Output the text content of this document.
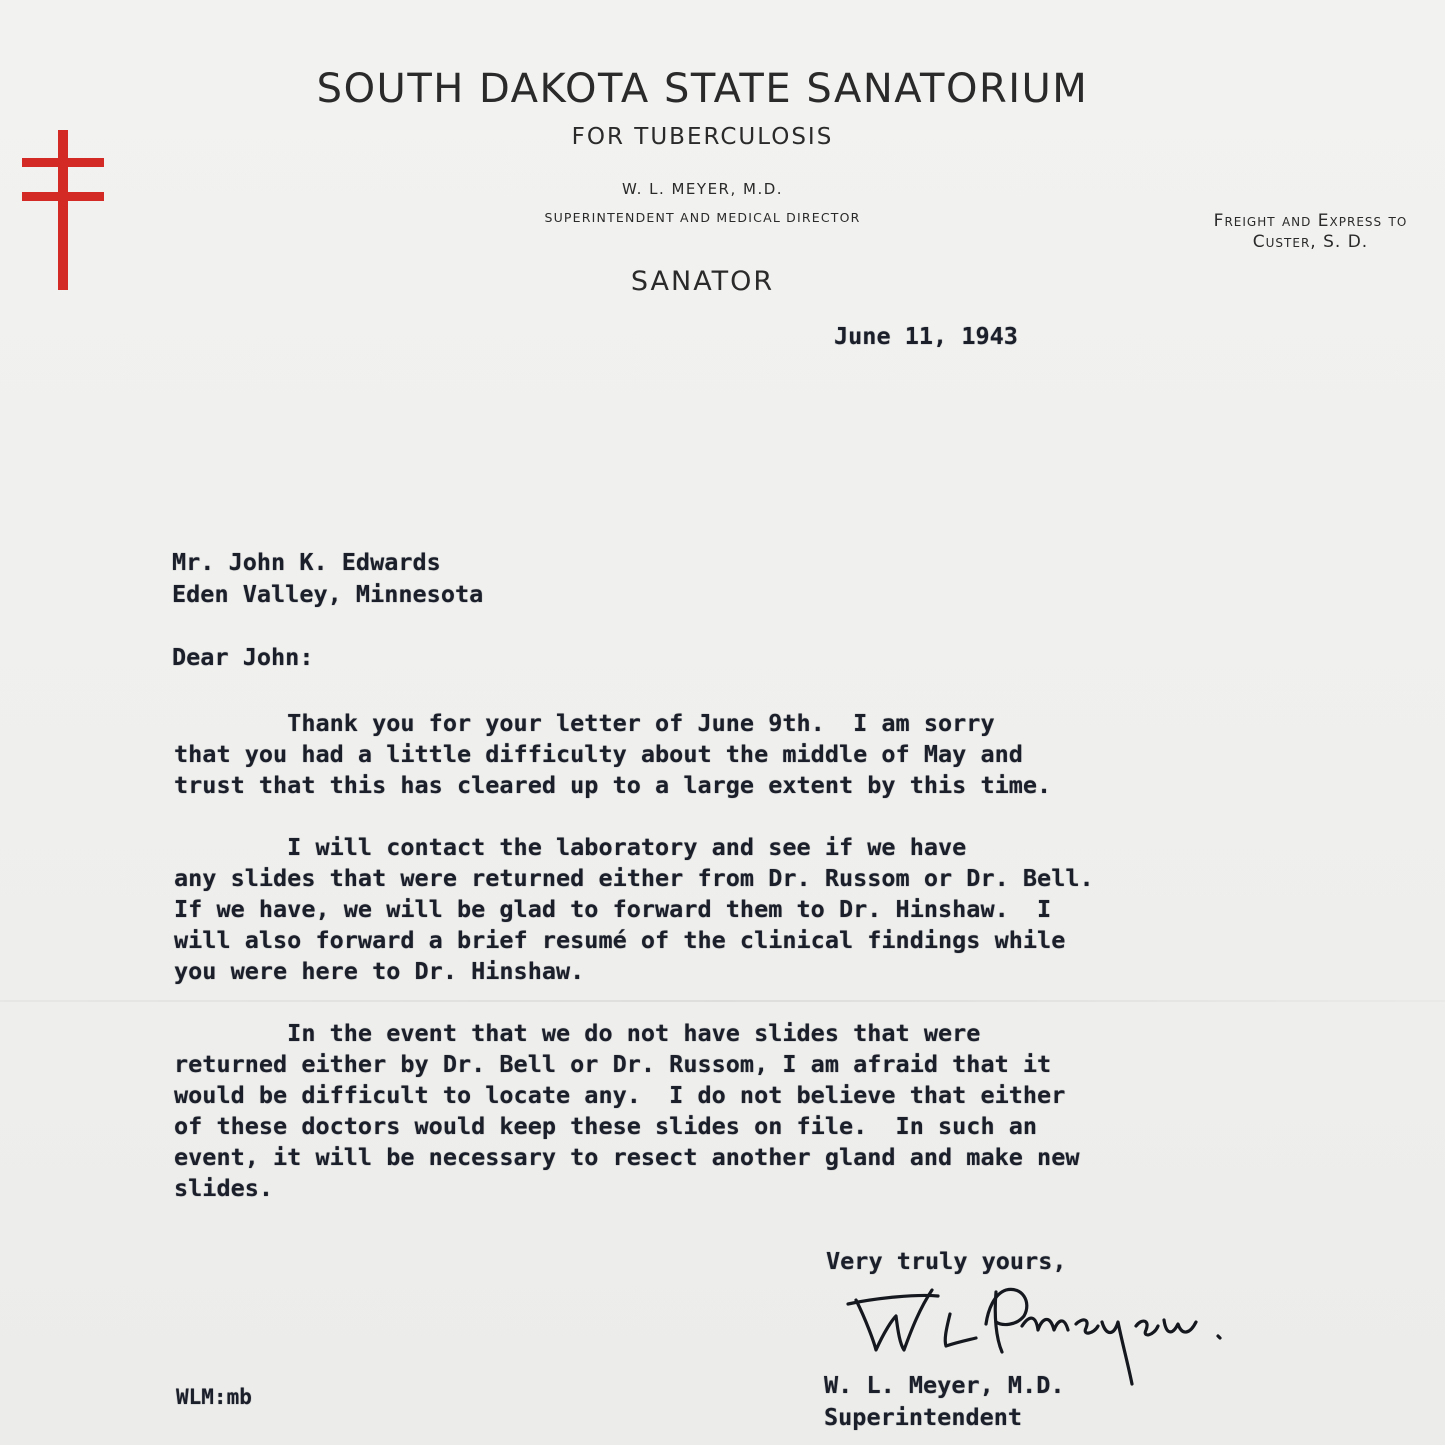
SOUTH DAKOTA STATE SANATORIUM
FOR TUBERCULOSIS
W. L. MEYER, M.D.
SUPERINTENDENT AND MEDICAL DIRECTOR
SANATOR
Freight and Express to
Custer, S. D.
June 11, 1943
Mr. John K. Edwards
Eden Valley, Minnesota
Dear John:
Thank you for your letter of June 9th.  I am sorry
that you had a little difficulty about the middle of May and
trust that this has cleared up to a large extent by this time.
I will contact the laboratory and see if we have
any slides that were returned either from Dr. Russom or Dr. Bell.
If we have, we will be glad to forward them to Dr. Hinshaw.  I
will also forward a brief resumé of the clinical findings while
you were here to Dr. Hinshaw.
In the event that we do not have slides that were
returned either by Dr. Bell or Dr. Russom, I am afraid that it
would be difficult to locate any.  I do not believe that either
of these doctors would keep these slides on file.  In such an
event, it will be necessary to resect another gland and make new
slides.
Very truly yours,
W. L. Meyer, M.D.
Superintendent
WLM:mb
